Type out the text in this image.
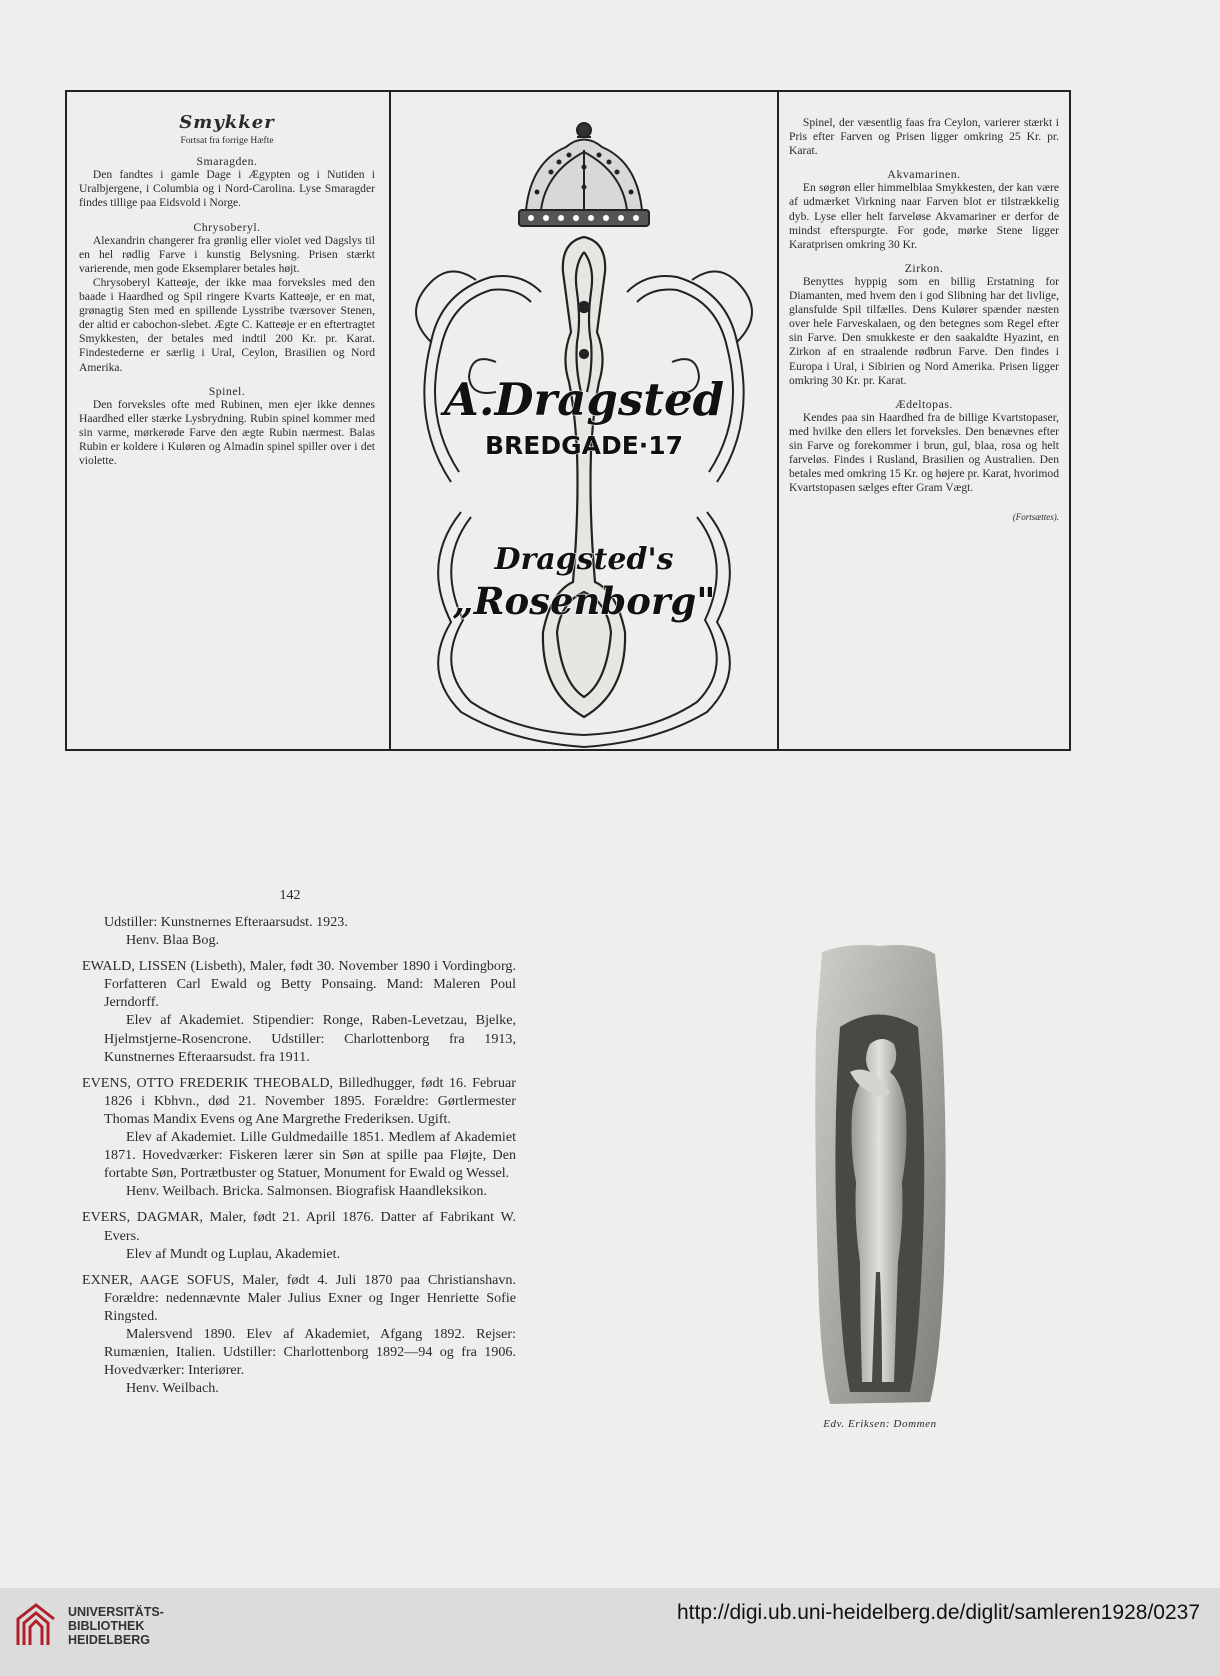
Smykker
Fortsat fra forrige Hæfte
Smaragden.

Den fandtes i gamle Dage i Ægypten og i Nutiden i Uralbjergene, i Columbia og i Nord-Carolina. Lyse Smaragder findes tillige paa Eidsvold i Norge.

Chrysoberyl.

Alexandrin changerer fra grønlig eller violet ved Dagslys til en hel rødlig Farve i kunstig Belysning. Prisen stærkt varierende, men gode Eksemplarer betales højt.

Chrysoberyl Katteøje, der ikke maa forveksles med den baade i Haardhed og Spil ringere Kvarts Katteøje, er en mat, grønagtig Sten med en spillende Lysstribe tværsover Stenen, der altid er cabochon-slebet. Ægte C. Katteøje er en eftertragtet Smykkesten, der betales med indtil 200 Kr. pr. Karat. Findestederne er særlig i Ural, Ceylon, Brasilien og Nord Amerika.

Spinel.

Den forveksles ofte med Rubinen, men ejer ikke dennes Haardhed eller stærke Lysbrydning. Rubin spinel kommer med sin varme, mørkerøde Farve den ægte Rubin nærmest. Balas Rubin er koldere i Kuløren og Almadin spinel spiller over i det violette.

A.Dragsted
BREDGADE·17
Dragsted's
„Rosenborg"

Spinel, der væsentlig faas fra Ceylon, varierer stærkt i Pris efter Farven og Prisen ligger omkring 25 Kr. pr. Karat.

Akvamarinen.

En søgrøn eller himmelblaa Smykkesten, der kan være af udmærket Virkning naar Farven blot er tilstrækkelig dyb. Lyse eller helt farveløse Akvamariner er derfor de mindst efterspurgte. For gode, mørke Stene ligger Karatprisen omkring 30 Kr.

Zirkon.

Benyttes hyppig som en billig Erstatning for Diamanten, med hvem den i god Slibning har det livlige, glansfulde Spil tilfælles. Dens Kulører spænder næsten over hele Farveskalaen, og den betegnes som Regel efter sin Farve. Den smukkeste er den saakaldte Hyazint, en Zirkon af en straalende rødbrun Farve. Den findes i Europa i Ural, i Sibirien og Nord Amerika. Prisen ligger omkring 30 Kr. pr. Karat.

Ædeltopas.

Kendes paa sin Haardhed fra de billige Kvartstopaser, med hvilke den ellers let forveksles. Den benævnes efter sin Farve og forekommer i brun, gul, blaa, rosa og helt farveløs. Findes i Rusland, Brasilien og Australien. Den betales med omkring 15 Kr. og højere pr. Karat, hvorimod Kvartstopasen sælges efter Gram Vægt.

(Fortsættes).
142

Udstiller: Kunstnernes Efteraarsudst. 1923.

Henv. Blaa Bog.

EWALD, LISSEN (Lisbeth), Maler, født 30. November 1890 i Vordingborg. Forfatteren Carl Ewald og Betty Ponsaing. Mand: Maleren Poul Jerndorff.

Elev af Akademiet. Stipendier: Ronge, Raben-Levetzau, Bjelke, Hjelmstjerne-Rosencrone. Udstiller: Charlottenborg fra 1913, Kunstnernes Efteraarsudst. fra 1911.

EVENS, OTTO FREDERIK THEOBALD, Billedhugger, født 16. Februar 1826 i Kbhvn., død 21. November 1895. Forældre: Gørtlermester Thomas Mandix Evens og Ane Margrethe Frederiksen. Ugift.

Elev af Akademiet. Lille Guldmedaille 1851. Medlem af Akademiet 1871. Hovedværker: Fiskeren lærer sin Søn at spille paa Fløjte, Den fortabte Søn, Portrætbuster og Statuer, Monument for Ewald og Wessel.

Henv. Weilbach. Bricka. Salmonsen. Biografisk Haandleksikon.

EVERS, DAGMAR, Maler, født 21. April 1876. Datter af Fabrikant W. Evers.

Elev af Mundt og Luplau, Akademiet.

EXNER, AAGE SOFUS, Maler, født 4. Juli 1870 paa Christianshavn. Forældre: nedennævnte Maler Julius Exner og Inger Henriette Sofie Ringsted.

Malersvend 1890. Elev af Akademiet, Afgang 1892. Rejser: Rumænien, Italien. Udstiller: Charlottenborg 1892—94 og fra 1906. Hovedværker: Interiører.

Henv. Weilbach.

Edv. Eriksen: Dommen
UNIVERSITÄTS-
BIBLIOTHEK
HEIDELBERG
http://digi.ub.uni-heidelberg.de/diglit/samleren1928/0237
